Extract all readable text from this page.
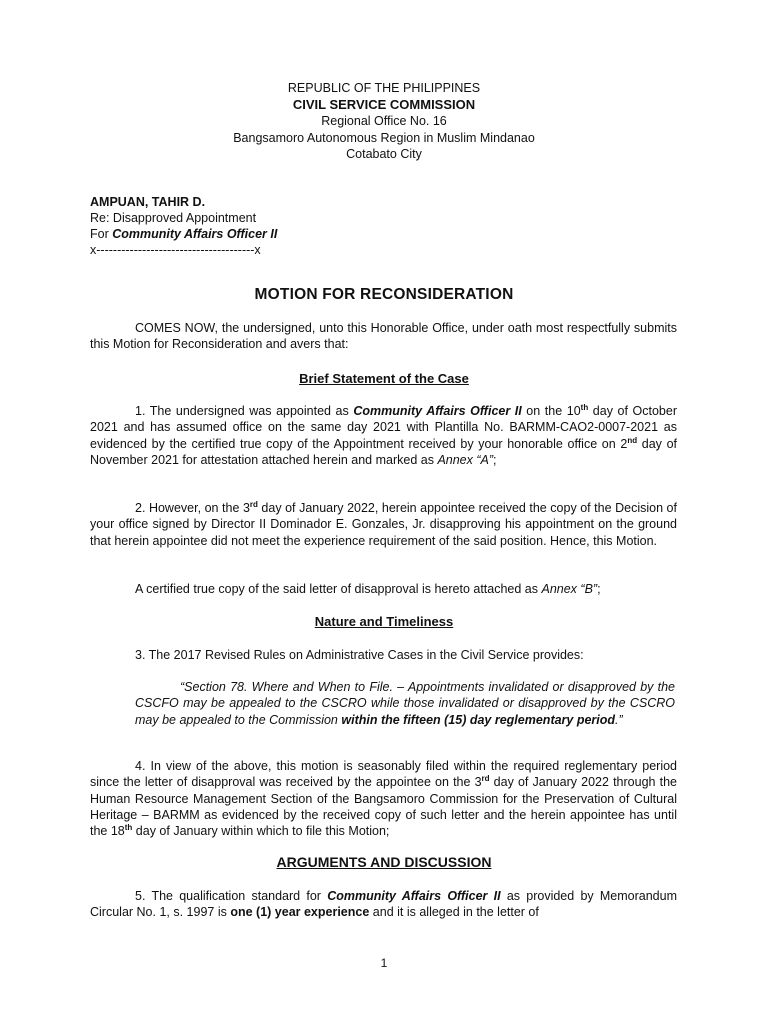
REPUBLIC OF THE PHILIPPINES
CIVIL SERVICE COMMISSION
Regional Office No. 16
Bangsamoro Autonomous Region in Muslim Mindanao
Cotabato City
AMPUAN, TAHIR D.
Re: Disapproved Appointment
For Community Affairs Officer II
x--------------------------------------x
MOTION FOR RECONSIDERATION

COMES NOW, the undersigned, unto this Honorable Office, under oath most respectfully submits this Motion for Reconsideration and avers that:

Brief Statement of the Case

1. The undersigned was appointed as Community Affairs Officer II on the 10th day of October 2021 and has assumed office on the same day 2021 with Plantilla No. BARMM-CAO2-0007-2021 as evidenced by the certified true copy of the Appointment received by your honorable office on 2nd day of November 2021 for attestation attached herein and marked as Annex “A”;

2. However, on the 3rd day of January 2022, herein appointee received the copy of the Decision of your office signed by Director II Dominador E. Gonzales, Jr. disapproving his appointment on the ground that herein appointee did not meet the experience requirement of the said position. Hence, this Motion.

A certified true copy of the said letter of disapproval is hereto attached as Annex “B”;

Nature and Timeliness

3. The 2017 Revised Rules on Administrative Cases in the Civil Service provides:

“Section 78. Where and When to File. – Appointments invalidated or disapproved by the CSCFO may be appealed to the CSCRO while those invalidated or disapproved by the CSCRO may be appealed to the Commission within the fifteen (15) day reglementary period.”

4. In view of the above, this motion is seasonably filed within the required reglementary period since the letter of disapproval was received by the appointee on the 3rd day of January 2022 through the Human Resource Management Section of the Bangsamoro Commission for the Preservation of Cultural Heritage – BARMM as evidenced by the received copy of such letter and the herein appointee has until the 18th day of January within which to file this Motion;

ARGUMENTS AND DISCUSSION

5. The qualification standard for Community Affairs Officer II as provided by Memorandum Circular No. 1, s. 1997 is one (1) year experience and it is alleged in the letter of

1
